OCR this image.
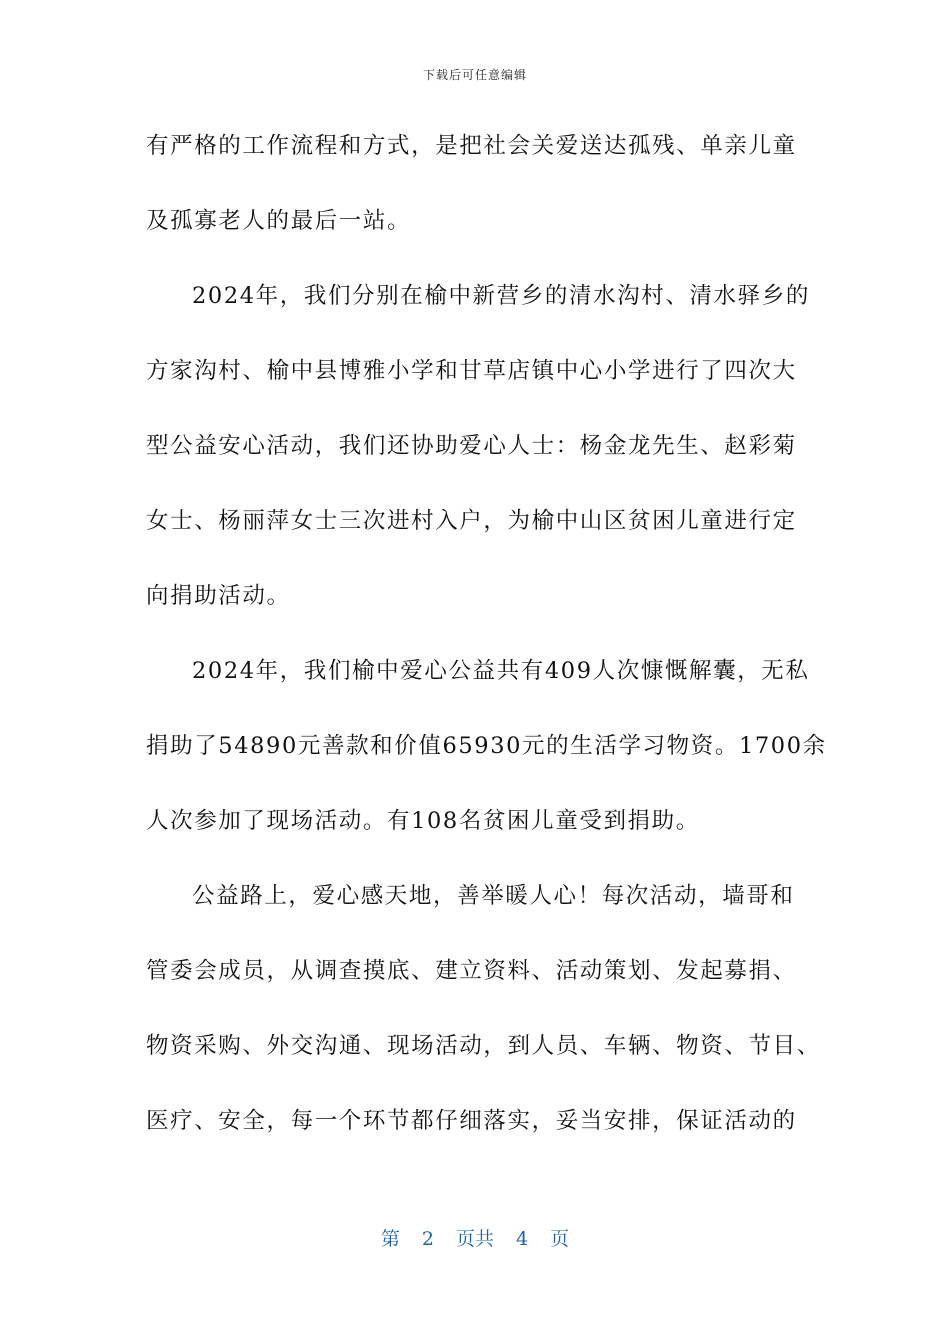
下载后可任意编辑
有严格的工作流程和方式，是把社会关爱送达孤残、单亲儿童
及孤寡老人的最后一站。
2024年，我们分别在榆中新营乡的清水沟村、清水驿乡的
方家沟村、榆中县博雅小学和甘草店镇中心小学进行了四次大
型公益安心活动，我们还协助爱心人士：杨金龙先生、赵彩菊
女士、杨丽萍女士三次进村入户，为榆中山区贫困儿童进行定
向捐助活动。
2024年，我们榆中爱心公益共有409人次慷慨解囊，无私
捐助了54890元善款和价值65930元的生活学习物资。1700余
人次参加了现场活动。有108名贫困儿童受到捐助。
公益路上，爱心感天地，善举暖人心！每次活动，墙哥和
管委会成员，从调查摸底、建立资料、活动策划、发起募捐、
物资采购、外交沟通、现场活动，到人员、车辆、物资、节目、
医疗、安全，每一个环节都仔细落实，妥当安排，保证活动的
第 2 页共 4 页
